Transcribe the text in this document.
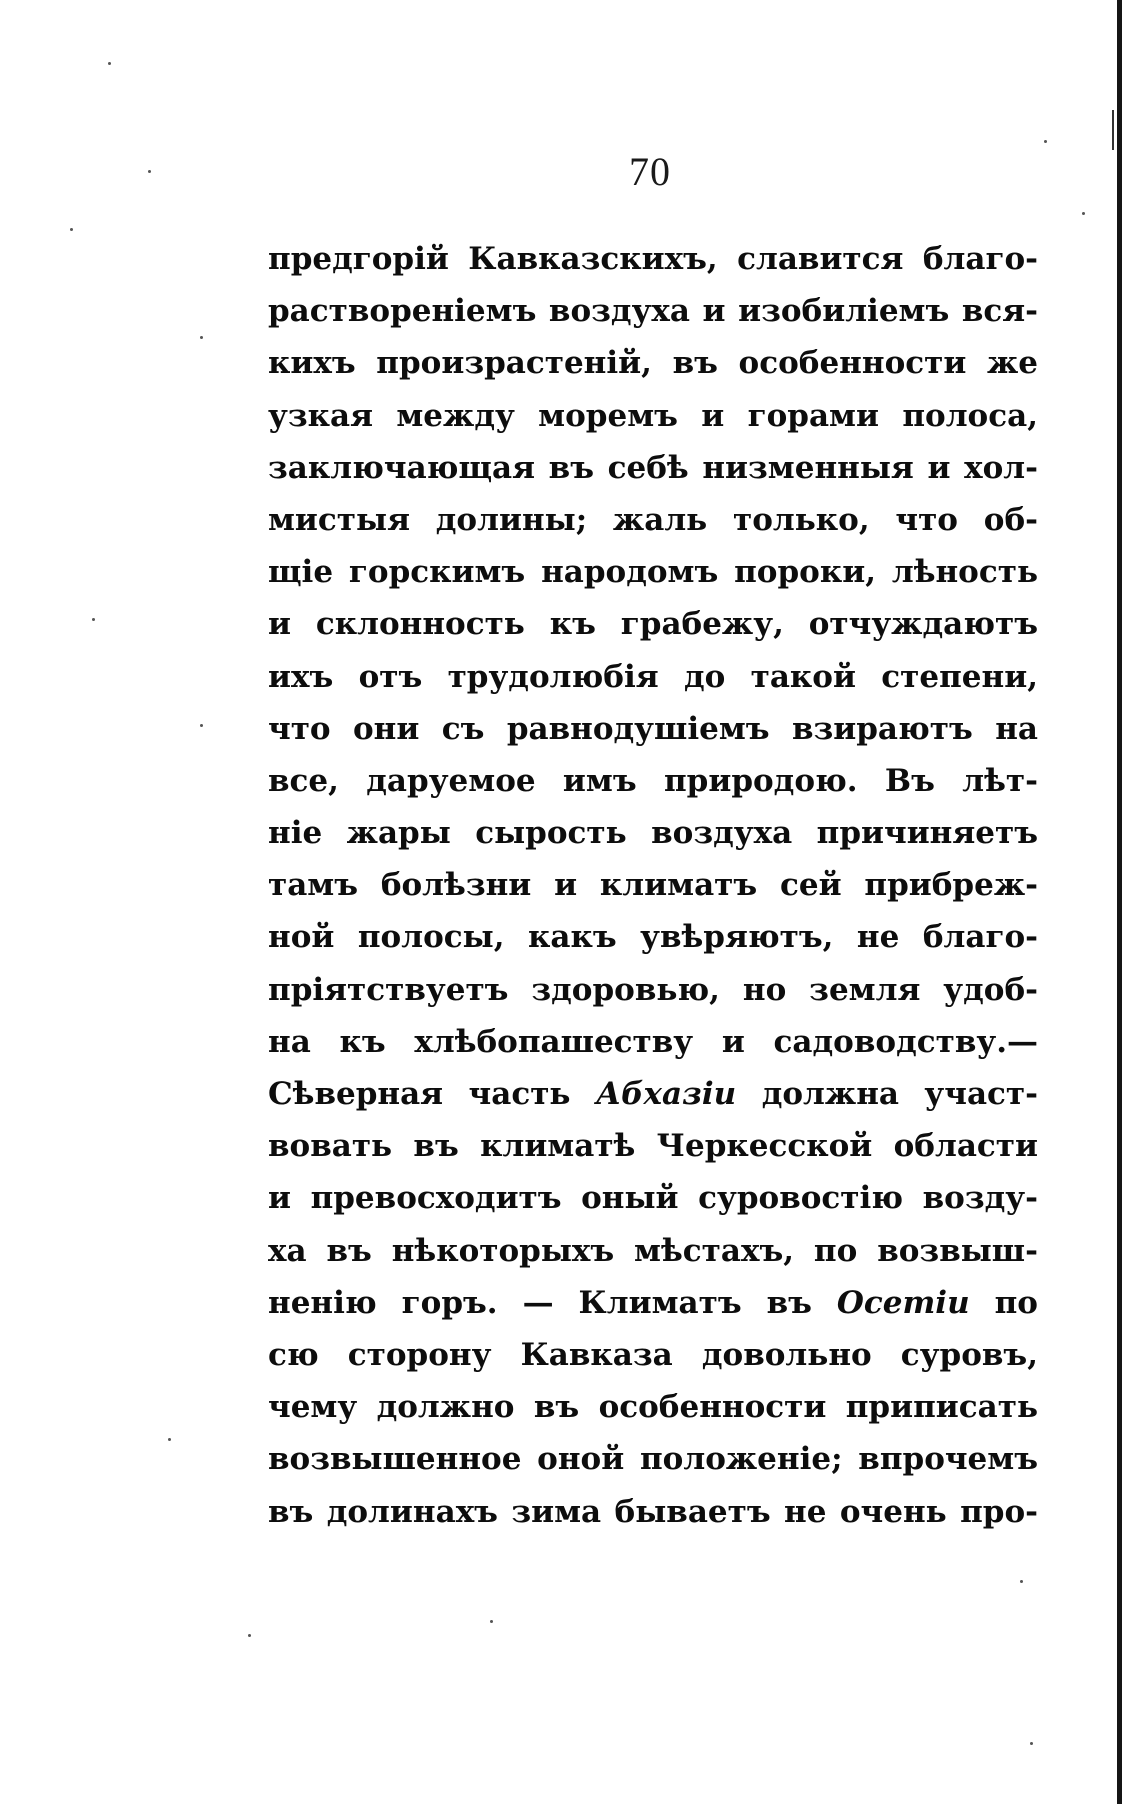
70
предгорій Кавказскихъ, славится благо-
раствореніемъ воздуха и изобиліемъ вся-
кихъ произрастеній, въ особенности же
узкая между моремъ и горами полоса,
заключающая въ себѣ низменныя и хол-
мистыя долины; жаль только, что об-
щіе горскимъ народомъ пороки, лѣность
и склонность къ грабежу, отчуждаютъ
ихъ отъ трудолюбія до такой степени,
что они съ равнодушіемъ взираютъ на
все, даруемое имъ природою. Въ лѣт-
ніе жары сырость воздуха причиняетъ
тамъ болѣзни и климатъ сей прибреж-
ной полосы, какъ увѣряютъ, не благо-
пріятствуетъ здоровью, но земля удоб-
на къ хлѣбопашеству и садоводству.—
Сѣверная часть Абхазіи должна участ-
вовать въ климатѣ Черкесской области
и превосходитъ оный суровостію возду-
ха въ нѣкоторыхъ мѣстахъ, по возвыш-
ненію горъ. — Климатъ въ Осетіи по
сю сторону Кавказа довольно суровъ,
чему должно въ особенности приписать
возвышенное оной положеніе; впрочемъ
въ долинахъ зима бываетъ не очень про-
